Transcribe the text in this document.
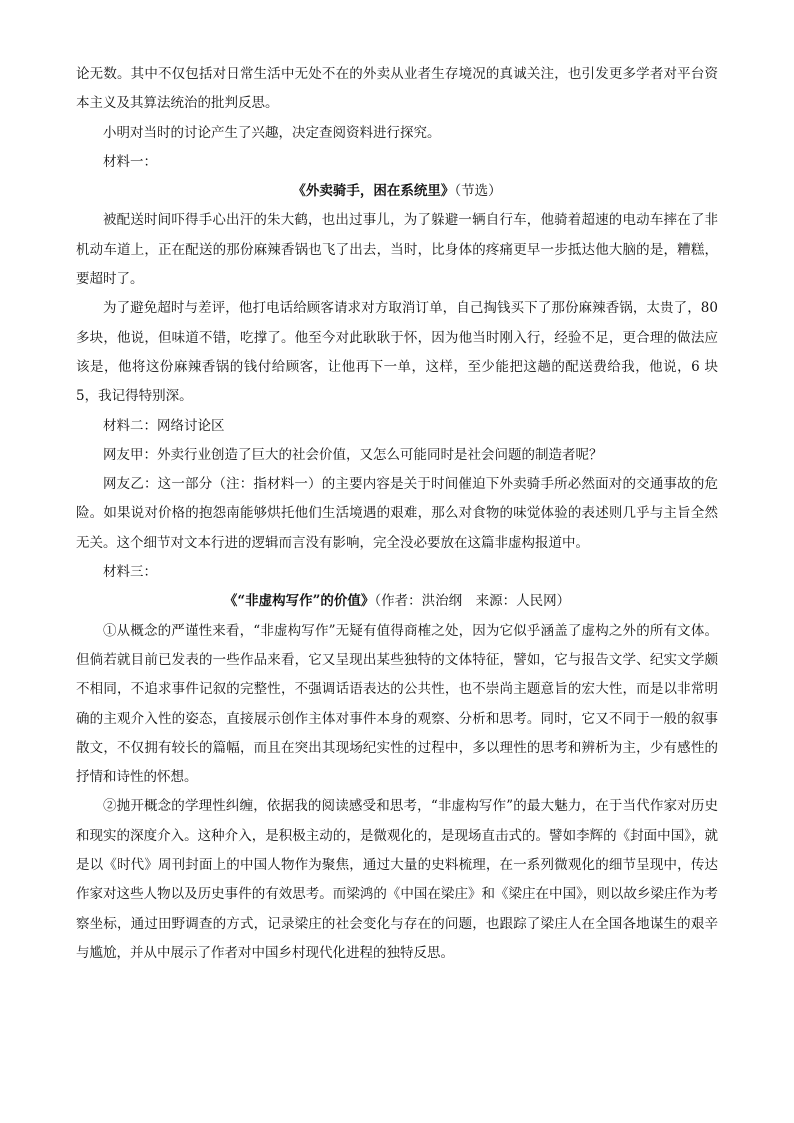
论无数。其中不仅包括对日常生活中无处不在的外卖从业者生存境况的真诚关注，也引发更多学者对平台资本主义及其算法统治的批判反思。

小明对当时的讨论产生了兴趣，决定查阅资料进行探究。

材料一：

《外卖骑手，困在系统里》（节选）

被配送时间吓得手心出汗的朱大鹤，也出过事儿，为了躲避一辆自行车，他骑着超速的电动车摔在了非机动车道上，正在配送的那份麻辣香锅也飞了出去，当时，比身体的疼痛更早一步抵达他大脑的是，糟糕，要超时了。

为了避免超时与差评，他打电话给顾客请求对方取消订单，自己掏钱买下了那份麻辣香锅，太贵了，80 多块，他说，但味道不错，吃撑了。他至今对此耿耿于怀，因为他当时刚入行，经验不足，更合理的做法应该是，他将这份麻辣香锅的钱付给顾客，让他再下一单，这样，至少能把这趟的配送费给我，他说，6 块 5，我记得特别深。

材料二：网络讨论区

网友甲：外卖行业创造了巨大的社会价值，又怎么可能同时是社会问题的制造者呢？

网友乙：这一部分（注：指材料一）的主要内容是关于时间催迫下外卖骑手所必然面对的交通事故的危险。如果说对价格的抱怨南能够烘托他们生活境遇的艰难，那么对食物的味觉体验的表述则几乎与主旨全然无关。这个细节对文本行进的逻辑而言没有影响，完全没必要放在这篇非虚构报道中。

材料三：

《“非虚构写作”的价值》（作者：洪治纲　来源：人民网）

①从概念的严谨性来看，“非虚构写作”无疑有值得商榷之处，因为它似乎涵盖了虚构之外的所有文体。但倘若就目前已发表的一些作品来看，它又呈现出某些独特的文体特征，譬如，它与报告文学、纪实文学颇不相同，不追求事件记叙的完整性，不强调话语表达的公共性，也不崇尚主题意旨的宏大性，而是以非常明确的主观介入性的姿态，直接展示创作主体对事件本身的观察、分析和思考。同时，它又不同于一般的叙事散文，不仅拥有较长的篇幅，而且在突出其现场纪实性的过程中，多以理性的思考和辨析为主，少有感性的抒情和诗性的怀想。

②抛开概念的学理性纠缠，依据我的阅读感受和思考，“非虚构写作”的最大魅力，在于当代作家对历史和现实的深度介入。这种介入，是积极主动的，是微观化的，是现场直击式的。譬如李辉的《封面中国》，就是以《时代》周刊封面上的中国人物作为聚焦，通过大量的史料梳理，在一系列微观化的细节呈现中，传达作家对这些人物以及历史事件的有效思考。而梁鸿的《中国在梁庄》和《梁庄在中国》，则以故乡梁庄作为考察坐标，通过田野调查的方式，记录梁庄的社会变化与存在的问题，也跟踪了梁庄人在全国各地谋生的艰辛与尴尬，并从中展示了作者对中国乡村现代化进程的独特反思。
